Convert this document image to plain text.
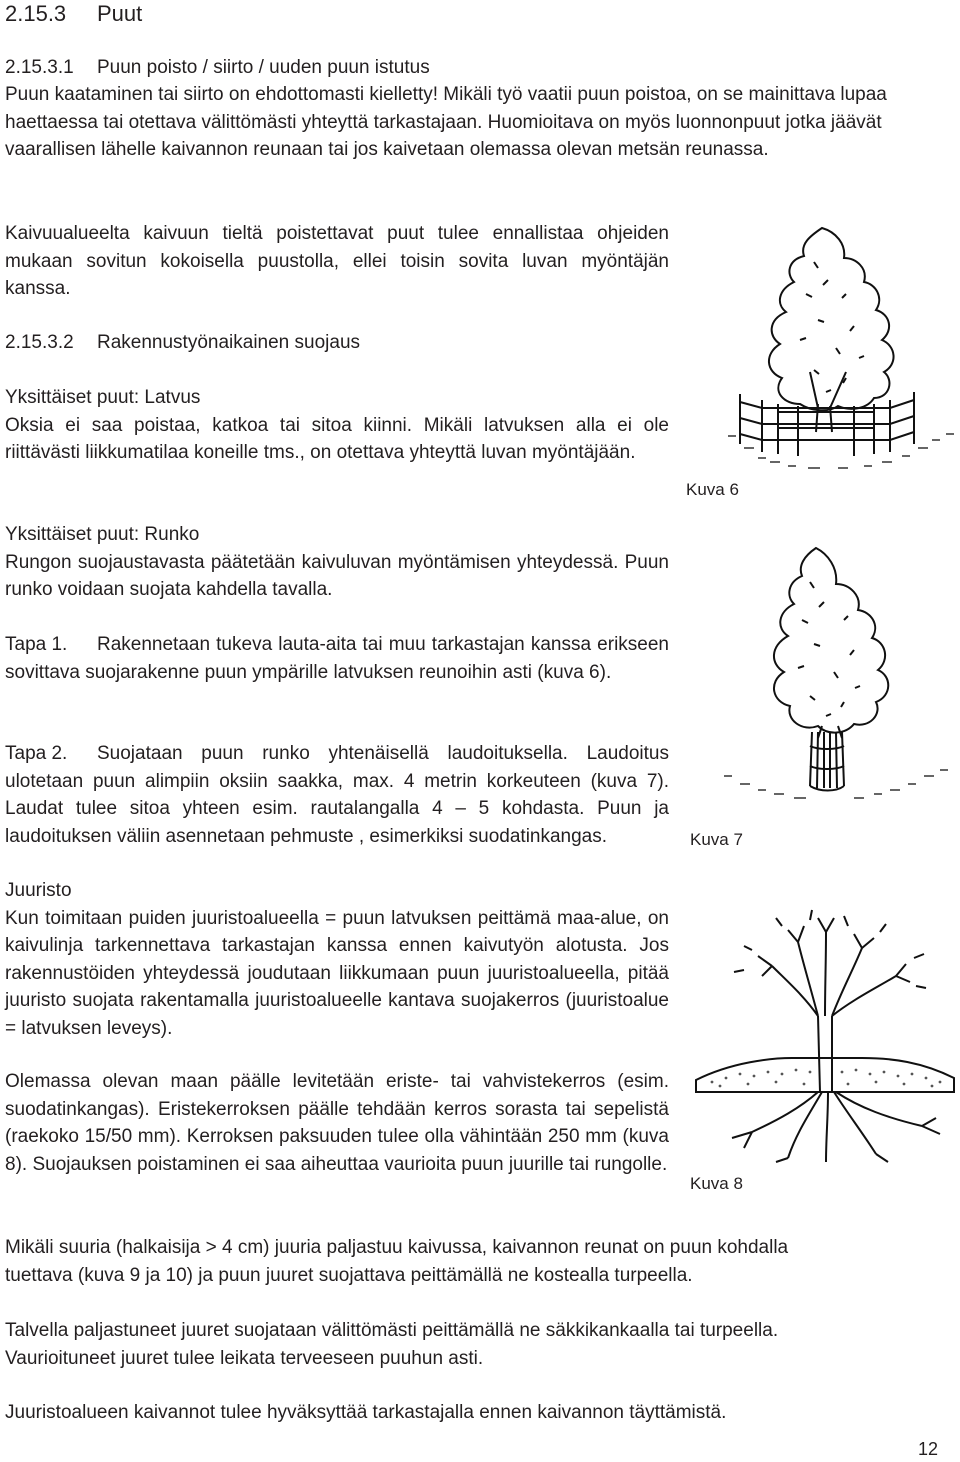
2.15.3 Puut
2.15.3.1 Puun poisto / siirto / uuden puun istutus

Puun kaataminen tai siirto on ehdottomasti kielletty! Mikäli työ vaatii puun poistoa, on se mainittava lupaa haettaessa tai otettava välittömästi yhteyttä tarkastajaan. Huomioitava on myös luonnonpuut jotka jäävät vaarallisen lähelle kaivannon reunaan tai jos kaivetaan olemassa olevan metsän reunassa.

Kaivuualueelta kaivuun tieltä poistettavat puut tulee ennallistaa ohjeiden mukaan sovitun kokoisella puustolla, ellei toisin sovita luvan myöntäjän kanssa.

2.15.3.2 Rakennustyönaikainen suojaus
Yksittäiset puut: Latvus
Oksia ei saa poistaa, katkoa tai sitoa kiinni. Mikäli latvuksen alla ei ole riittävästi liikkumatilaa koneille tms., on otettava yhteyttä luvan myöntäjään.
Yksittäiset puut: Runko
Rungon suojaustavasta päätetään kaivuluvan myöntämisen yhteydessä. Puun runko voidaan suojata kahdella tavalla.

Tapa 1. Rakennetaan tukeva lauta-aita tai muu tarkastajan kanssa erikseen sovittava suojarakenne puun ympärille latvuksen reunoihin asti (kuva 6).

Tapa 2. Suojataan puun runko yhtenäisellä laudoituksella. Laudoitus ulotetaan puun alimpiin oksiin saakka, max. 4 metrin korkeuteen (kuva 7). Laudat tulee sitoa yhteen esim. rautalangalla 4 – 5 kohdasta. Puun ja laudoituksen väliin asennetaan pehmuste , esimerkiksi suodatinkangas.

Juuristo
Kun toimitaan puiden juuristoalueella = puun latvuksen peittämä maa-alue, on kaivulinja tarkennettava tarkastajan kanssa ennen kaivutyön alotusta. Jos rakennustöiden yhteydessä joudutaan liikkumaan puun juuristoalueella, pitää juuristo suojata rakentamalla juuristoalueelle kantava suojakerros (juuristoalue = latvuksen leveys).

Olemassa olevan maan päälle levitetään eriste- tai vahvistekerros (esim. suodatinkangas). Eristekerroksen päälle tehdään kerros sorasta tai sepelistä (raekoko 15/50 mm). Kerroksen paksuuden tulee olla vähintään 250 mm (kuva 8). Suojauksen poistaminen ei saa aiheuttaa vaurioita puun juurille tai rungolle.

Mikäli suuria (halkaisija > 4 cm) juuria paljastuu kaivussa, kaivannon reunat on puun kohdalla
tuettava (kuva 9 ja 10) ja puun juuret suojattava peittämällä ne kostealla turpeella.
Talvella paljastuneet juuret suojataan välittömästi peittämällä ne säkkikankaalla tai turpeella.
Vaurioituneet juuret tulee leikata terveeseen puuhun asti.

Juuristoalueen kaivannot tulee hyväksyttää tarkastajalla ennen kaivannon täyttämistä.

Kuva 6
Kuva 7
Kuva 8
12
